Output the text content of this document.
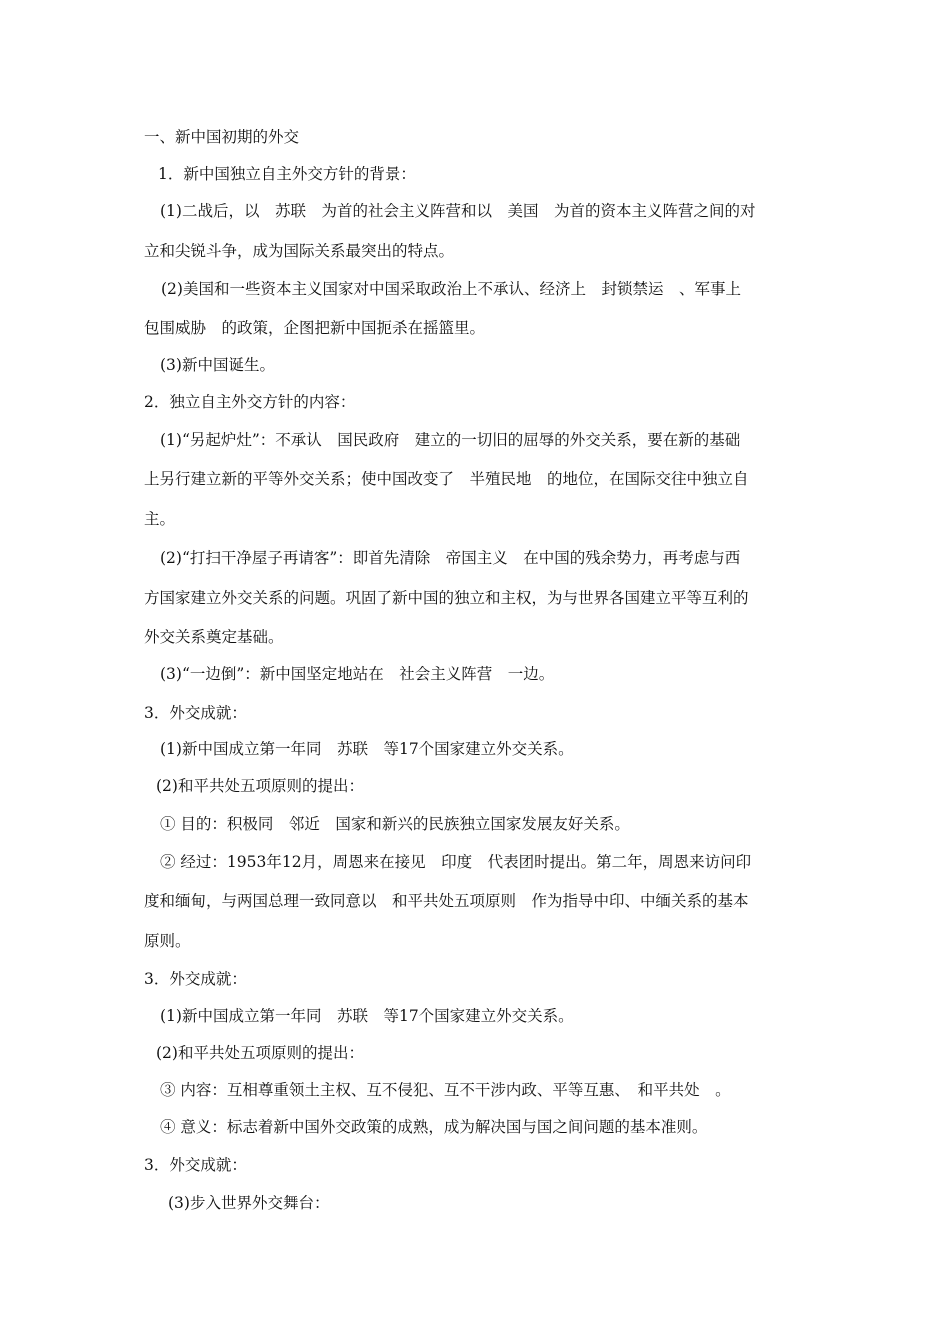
一、新中国初期的外交
1．新中国独立自主外交方针的背景：
(1)二战后，以　苏联　为首的社会主义阵营和以　美国　为首的资本主义阵营之间的对
立和尖锐斗争，成为国际关系最突出的特点。
(2)美国和一些资本主义国家对中国采取政治上不承认、经济上　封锁禁运　、军事上
包围威胁　的政策，企图把新中国扼杀在摇篮里。
(3)新中国诞生。
2．独立自主外交方针的内容：
(1)“另起炉灶”：不承认　国民政府　建立的一切旧的屈辱的外交关系，要在新的基础
上另行建立新的平等外交关系；使中国改变了　半殖民地　的地位，在国际交往中独立自
主。
(2)“打扫干净屋子再请客”：即首先清除　帝国主义　在中国的残余势力，再考虑与西
方国家建立外交关系的问题。巩固了新中国的独立和主权，为与世界各国建立平等互利的
外交关系奠定基础。
(3)“一边倒”：新中国坚定地站在　社会主义阵营　一边。
3．外交成就：
(1)新中国成立第一年同　苏联　等17个国家建立外交关系。
(2)和平共处五项原则的提出：
① 目的：积极同　邻近　国家和新兴的民族独立国家发展友好关系。
② 经过：1953年12月，周恩来在接见　印度　代表团时提出。第二年，周恩来访问印
度和缅甸，与两国总理一致同意以　和平共处五项原则　作为指导中印、中缅关系的基本
原则。
3．外交成就：
(1)新中国成立第一年同　苏联　等17个国家建立外交关系。
(2)和平共处五项原则的提出：
③ 内容：互相尊重领土主权、互不侵犯、互不干涉内政、平等互惠、　和平共处　。
④ 意义：标志着新中国外交政策的成熟，成为解决国与国之间问题的基本准则。
3．外交成就：
(3)步入世界外交舞台：
